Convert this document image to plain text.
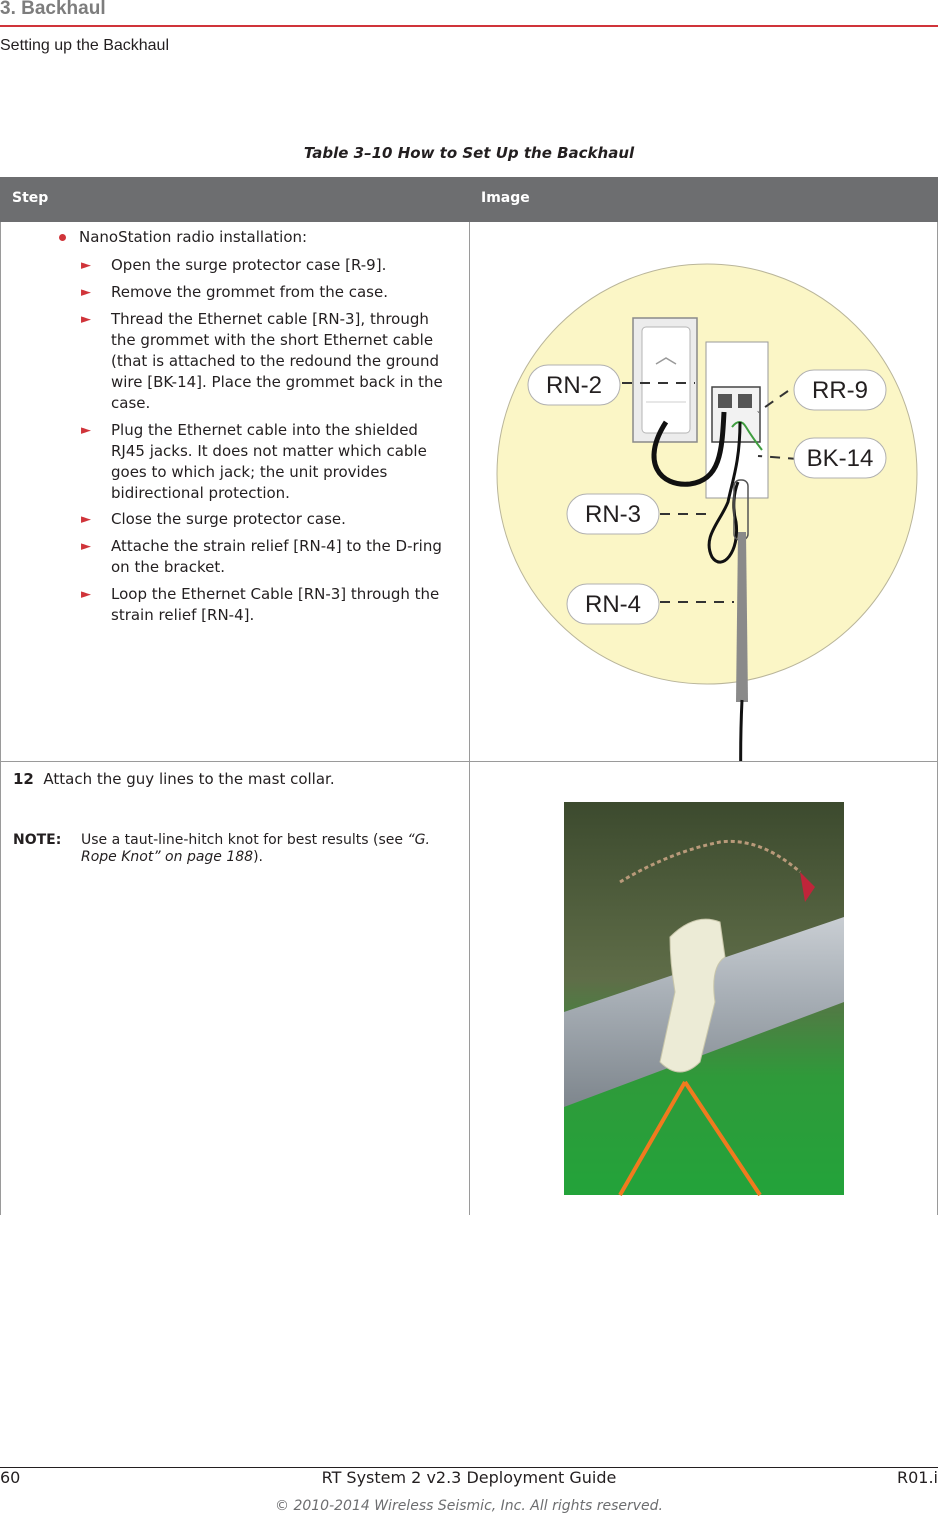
3. Backhaul
Setting up the Backhaul
Table 3–10 How to Set Up the Backhaul
Step	Image
NanoStation radio installation:
► Open the surge protector case [R-9].
► Remove the grommet from the case.
► Thread the Ethernet cable [RN-3], through the grommet with the short Ethernet cable (that is attached to the redound the ground wire [BK-14]. Place the grommet back in the case.
► Plug the Ethernet cable into the shielded RJ45 jacks. It does not matter which cable goes to which jack; the unit provides bidirectional protection.
► Close the surge protector case.
► Attache the strain relief [RN-4] to the D-ring on the bracket.
► Loop the Ethernet Cable [RN-3] through the strain relief [RN-4].
RN-2	RR-9
BK-14
RN-3
RN-4
12 Attach the guy lines to the mast collar.
NOTE: Use a taut-line-hitch knot for best results (see “G. Rope Knot” on page 188).
60	RT System 2 v2.3 Deployment Guide	R01.i
© 2010-2014 Wireless Seismic, Inc. All rights reserved.
